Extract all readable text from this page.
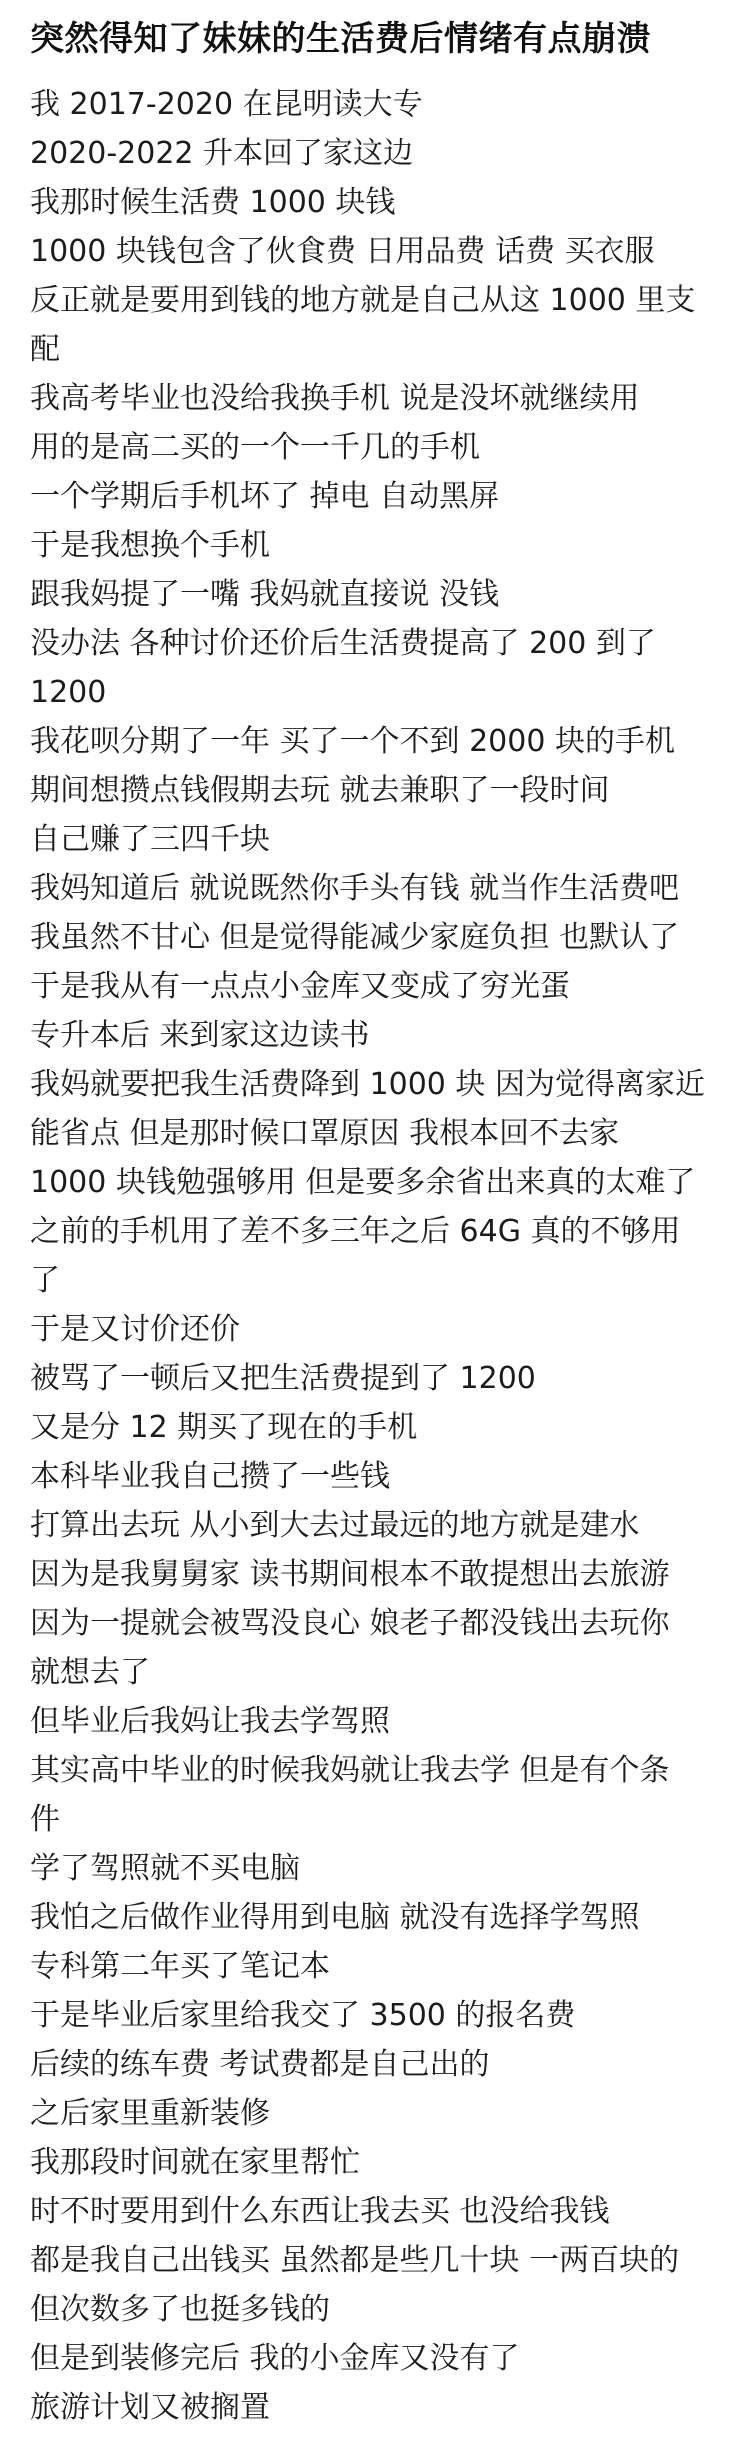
突然得知了妹妹的生活费后情绪有点崩溃
我 2017-2020 在昆明读大专
2020-2022 升本回了家这边
我那时候生活费 1000 块钱
1000 块钱包含了伙食费 日用品费 话费 买衣服
反正就是要用到钱的地方就是自己从这 1000 里支
配
我高考毕业也没给我换手机 说是没坏就继续用
用的是高二买的一个一千几的手机
一个学期后手机坏了 掉电 自动黑屏
于是我想换个手机
跟我妈提了一嘴 我妈就直接说 没钱
没办法 各种讨价还价后生活费提高了 200 到了
1200
我花呗分期了一年 买了一个不到 2000 块的手机
期间想攒点钱假期去玩 就去兼职了一段时间
自己赚了三四千块
我妈知道后 就说既然你手头有钱 就当作生活费吧
我虽然不甘心 但是觉得能减少家庭负担 也默认了
于是我从有一点点小金库又变成了穷光蛋
专升本后 来到家这边读书
我妈就要把我生活费降到 1000 块 因为觉得离家近
能省点 但是那时候口罩原因 我根本回不去家
1000 块钱勉强够用 但是要多余省出来真的太难了
之前的手机用了差不多三年之后 64G 真的不够用
了
于是又讨价还价
被骂了一顿后又把生活费提到了 1200
又是分 12 期买了现在的手机
本科毕业我自己攒了一些钱
打算出去玩 从小到大去过最远的地方就是建水
因为是我舅舅家 读书期间根本不敢提想出去旅游
因为一提就会被骂没良心 娘老子都没钱出去玩你
就想去了
但毕业后我妈让我去学驾照
其实高中毕业的时候我妈就让我去学 但是有个条
件
学了驾照就不买电脑
我怕之后做作业得用到电脑 就没有选择学驾照
专科第二年买了笔记本
于是毕业后家里给我交了 3500 的报名费
后续的练车费 考试费都是自己出的
之后家里重新装修
我那段时间就在家里帮忙
时不时要用到什么东西让我去买 也没给我钱
都是我自己出钱买 虽然都是些几十块 一两百块的
但次数多了也挺多钱的
但是到装修完后 我的小金库又没有了
旅游计划又被搁置
